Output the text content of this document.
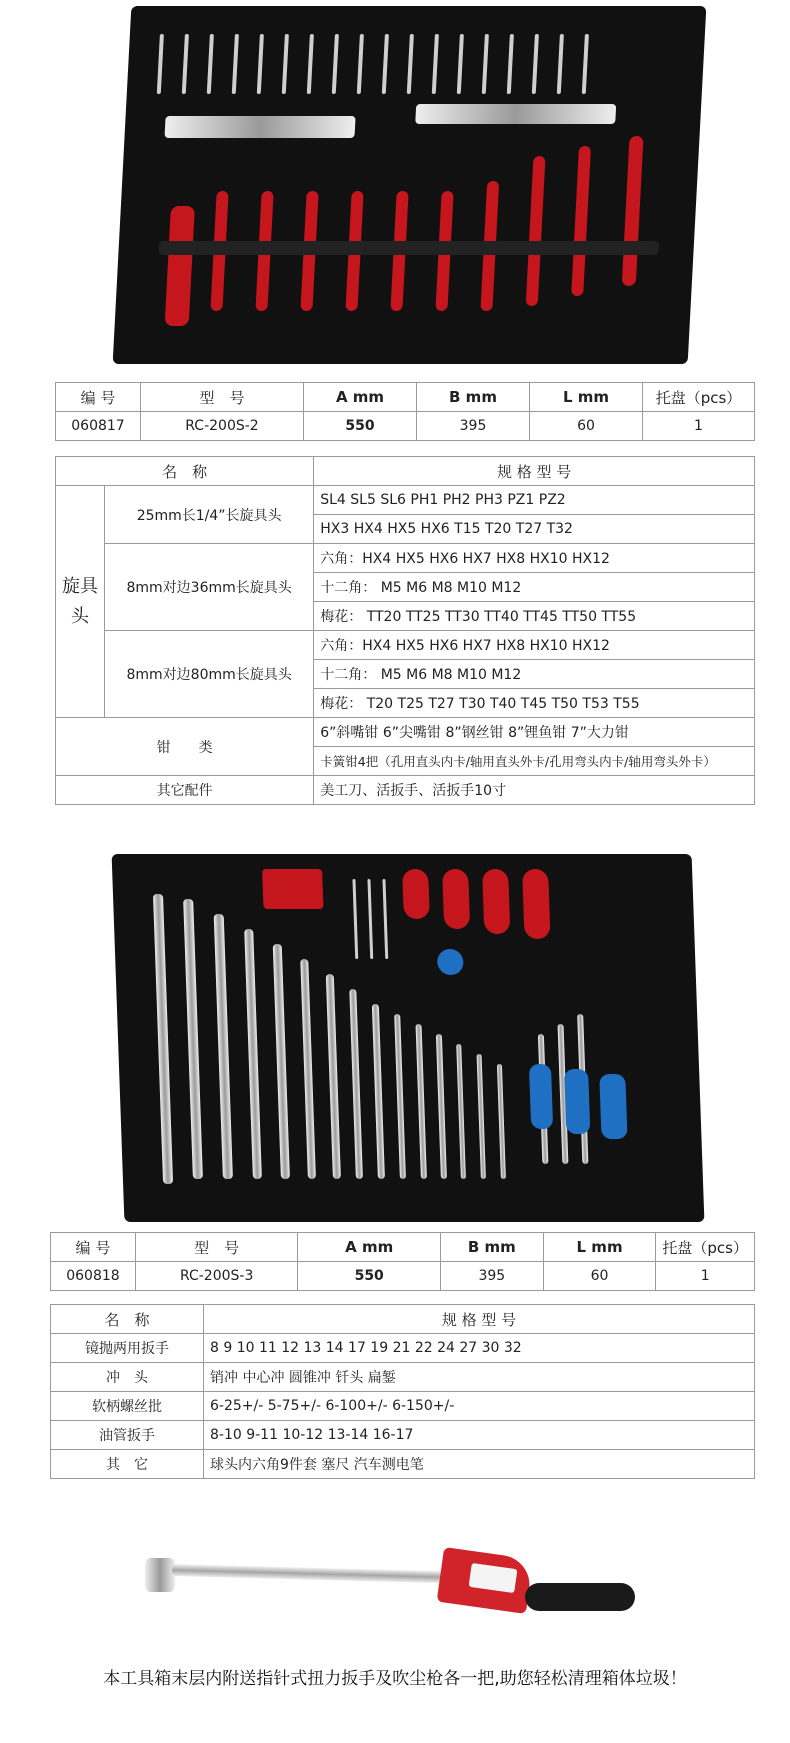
编 号	型　号	A mm	B mm	L mm	托盘（pcs）
060817	RC-200S-2	550	395	60	1
名　称		规 格 型 号
旋具头	25mm长1/4”长旋具头	SL4 SL5 SL6 PH1 PH2 PH3 PZ1 PZ2
		HX3 HX4 HX5 HX6 T15 T20 T27 T32
	8mm对边36mm长旋具头	六角：HX4 HX5 HX6 HX7 HX8 HX10 HX12
		十二角： M5 M6 M8 M10 M12
		梅花： TT20 TT25 TT30 TT40 TT45 TT50 TT55
	8mm对边80mm长旋具头	六角：HX4 HX5 HX6 HX7 HX8 HX10 HX12
		十二角： M5 M6 M8 M10 M12
		梅花： T20 T25 T27 T30 T40 T45 T50 T53 T55
钳　　类		6”斜嘴钳 6”尖嘴钳 8”钢丝钳 8”锂鱼钳 7”大力钳
		卡簧钳4把（孔用直头内卡/轴用直头外卡/孔用弯头内卡/轴用弯头外卡）
其它配件		美工刀、活扳手、活扳手10寸
编 号	型　号	A mm	B mm	L mm	托盘（pcs）
060818	RC-200S-3	550	395	60	1
名　称	规 格 型 号
镜抛两用扳手	8 9 10 11 12 13 14 17 19 21 22 24 27 30 32
冲　头	销冲 中心冲 圆锥冲 钎头 扁錾
软柄螺丝批	6-25+/- 5-75+/- 6-100+/- 6-150+/-
油管扳手	8-10 9-11 10-12 13-14 16-17
其　它	球头内六角9件套 塞尺 汽车测电笔
本工具箱末层内附送指针式扭力扳手及吹尘枪各一把,助您轻松清理箱体垃圾！
